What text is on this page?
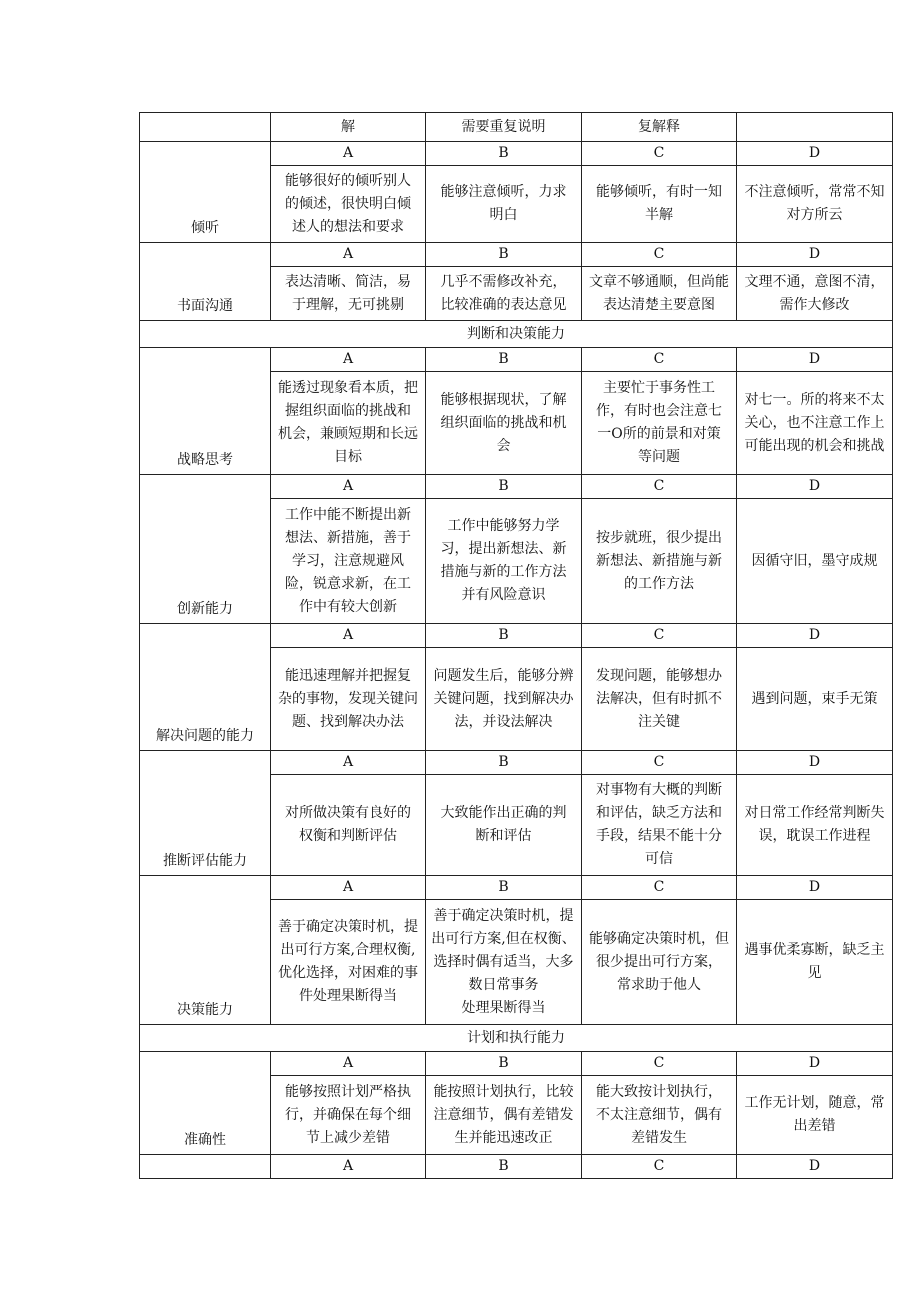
	解	需要重复说明	复解释	
倾听	A	B	C	D

	能够很好的倾听别人
的倾述，很快明白倾
述人的想法和要求	能够注意倾听，力求
明白	能够倾听，有时一知
半解	不注意倾听，常常不知
对方所云

书面沟通	A	B	C	D

	表达清晰、简洁，易
于理解，无可挑剔	几乎不需修改补充，
比较准确的表达意见	文章不够通顺，但尚能
表达清楚主要意图	文理不通，意图不清，
需作大修改

判断和决策能力				
战略思考	A	B	C	D

	能透过现象看本质，把
握组织面临的挑战和
机会，兼顾短期和长远
目标	能够根据现状，了解
组织面临的挑战和机
会	主要忙于事务性工
作，有时也会注意七
一O所的前景和对策
等问题	对七一。所的将来不太
关心，也不注意工作上
可能出现的机会和挑战

创新能力	A	B	C	D

	工作中能不断提出新
想法、新措施，善于
学习，注意规避风
险，锐意求新，在工
作中有较大创新	工作中能够努力学
习，提出新想法、新
措施与新的工作方法
并有风险意识	按步就班，很少提出
新想法、新措施与新
的工作方法	因循守旧，墨守成规

解决问题的能力	A	B	C	D

	能迅速理解并把握复
杂的事物，发现关键问
题、找到解决办法	问题发生后，能够分辨
关键问题，找到解决办
法，并设法解决	发现问题，能够想办
法解决，但有时抓不
注关键	遇到问题，束手无策

推断评估能力	A	B	C	D

	对所做决策有良好的
权衡和判断评估	大致能作出正确的判
断和评估	对事物有大概的判断
和评估，缺乏方法和
手段，结果不能十分
可信	对日常工作经常判断失
误，耽误工作进程

决策能力	A	B	C	D

	善于确定决策时机，提
出可行方案,合理权衡,
优化选择，对困难的事
件处理果断得当	善于确定决策时机，提
出可行方案,但在权衡、
选择时偶有适当，大多
数日常事务
处理果断得当	能够确定决策时机，但
很少提出可行方案，
常求助于他人	遇事优柔寡断，缺乏主
见

计划和执行能力				
准确性	A	B	C	D

	能够按照计划严格执
行，并确保在每个细
节上减少差错	能按照计划执行，比较
注意细节，偶有差错发
生并能迅速改正	能大致按计划执行，
不太注意细节，偶有
差错发生	工作无计划，随意，常
出差错

	A	B	C	D
